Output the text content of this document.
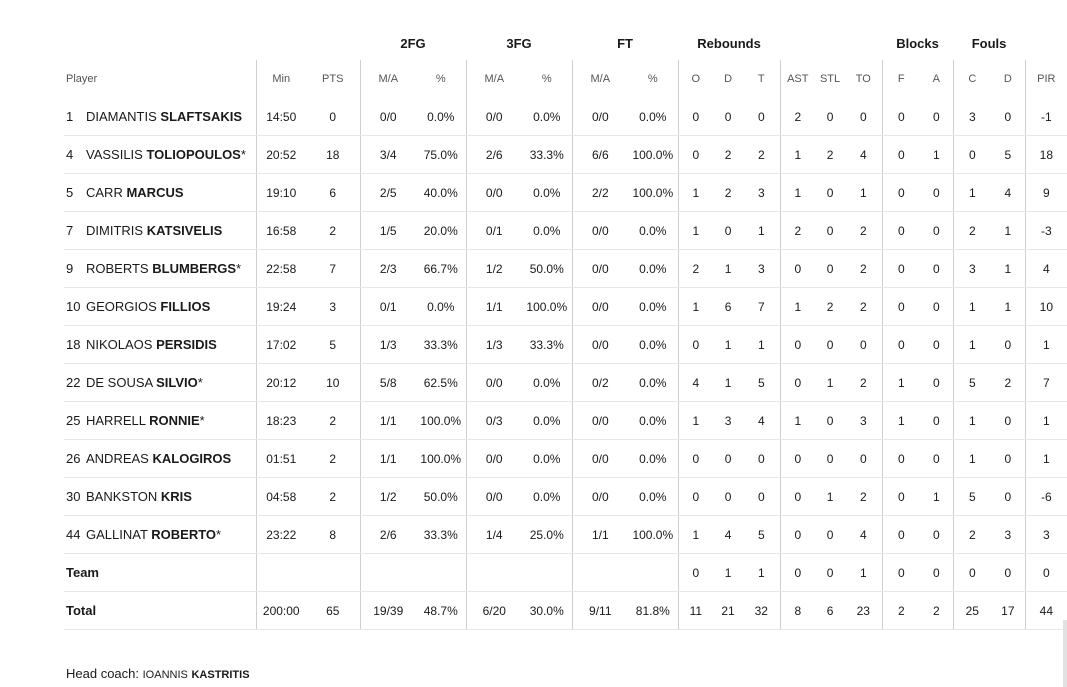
			2FG		3FG		FT		Rebounds						Blocks		Fouls		
Player	Min	PTS	M/A	%	M/A	%	M/A	%	O	D	T	AST	STL	TO	F	A	C	D	PIR
1 DIAMANTIS SLAFTSAKIS	14:50	0	0/0	0.0%	0/0	0.0%	0/0	0.0%	0	0	0	2	0	0	0	0	3	0	-1
4 VASSILIS TOLIOPOULOS*	20:52	18	3/4	75.0%	2/6	33.3%	6/6	100.0%	0	2	2	1	2	4	0	1	0	5	18
5 CARR MARCUS	19:10	6	2/5	40.0%	0/0	0.0%	2/2	100.0%	1	2	3	1	0	1	0	0	1	4	9
7 DIMITRIS KATSIVELIS	16:58	2	1/5	20.0%	0/1	0.0%	0/0	0.0%	1	0	1	2	0	2	0	0	2	1	-3
9 ROBERTS BLUMBERGS*	22:58	7	2/3	66.7%	1/2	50.0%	0/0	0.0%	2	1	3	0	0	2	0	0	3	1	4
10 GEORGIOS FILLIOS	19:24	3	0/1	0.0%	1/1	100.0%	0/0	0.0%	1	6	7	1	2	2	0	0	1	1	10
18 NIKOLAOS PERSIDIS	17:02	5	1/3	33.3%	1/3	33.3%	0/0	0.0%	0	1	1	0	0	0	0	0	1	0	1
22 DE SOUSA SILVIO*	20:12	10	5/8	62.5%	0/0	0.0%	0/2	0.0%	4	1	5	0	1	2	1	0	5	2	7
25 HARRELL RONNIE*	18:23	2	1/1	100.0%	0/3	0.0%	0/0	0.0%	1	3	4	1	0	3	1	0	1	0	1
26 ANDREAS KALOGIROS	01:51	2	1/1	100.0%	0/0	0.0%	0/0	0.0%	0	0	0	0	0	0	0	0	1	0	1
30 BANKSTON KRIS	04:58	2	1/2	50.0%	0/0	0.0%	0/0	0.0%	0	0	0	0	1	2	0	1	5	0	-6
44 GALLINAT ROBERTO*	23:22	8	2/6	33.3%	1/4	25.0%	1/1	100.0%	1	4	5	0	0	4	0	0	2	3	3
Team									0	1	1	0	0	1	0	0	0	0	0
Total	200:00	65	19/39	48.7%	6/20	30.0%	9/11	81.8%	11	21	32	8	6	23	2	2	25	17	44
Head coach: IOANNIS KASTRITIS
